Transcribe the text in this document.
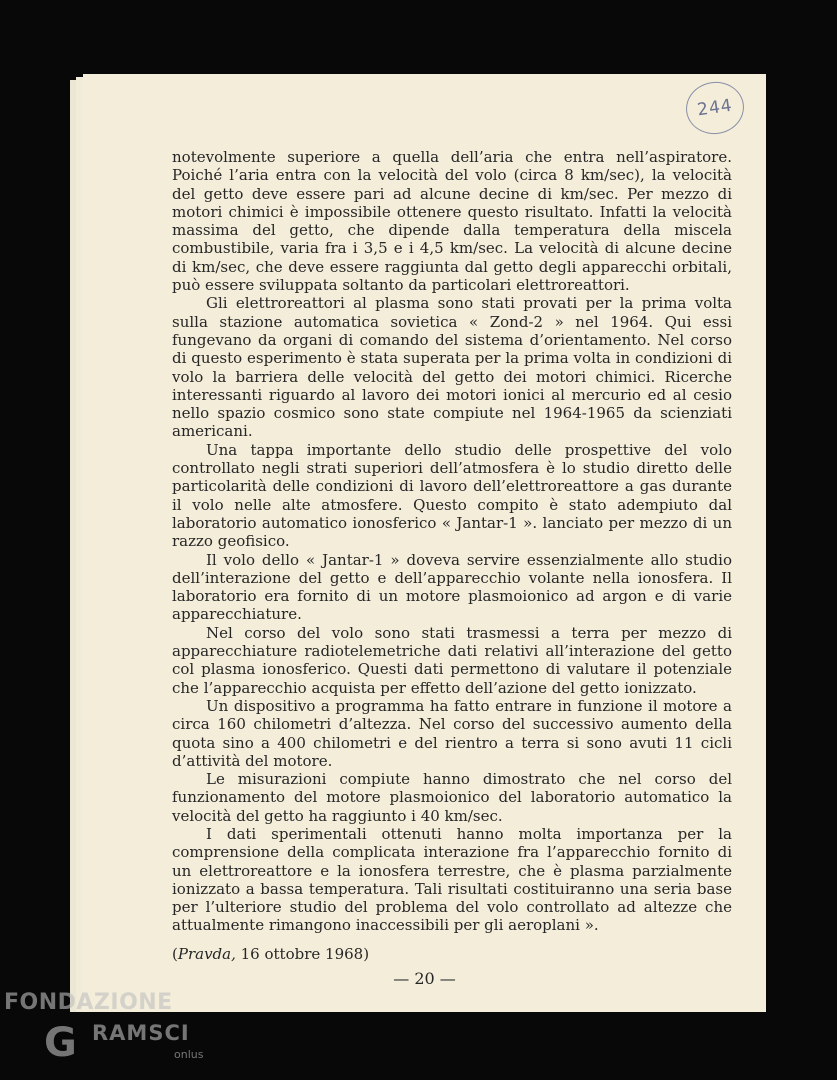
244

notevolmente superiore a quella dell’aria che entra nell’aspiratore. Poiché l’aria entra con la velocità del volo (circa 8 km/sec), la velocità del getto deve essere pari ad alcune decine di km/sec. Per mezzo di motori chimici è impossibile ottenere questo risultato. Infatti la velocità massima del getto, che dipende dalla temperatura della miscela combustibile, varia fra i 3,5 e i 4,5 km/sec. La velocità di alcune decine di km/sec, che deve essere raggiunta dal getto degli apparecchi orbitali, può essere sviluppata soltanto da particolari elettroreattori.

Gli elettroreattori al plasma sono stati provati per la prima volta sulla stazione automatica sovietica « Zond-2 » nel 1964. Qui essi fungevano da organi di comando del sistema d’orientamento. Nel corso di questo esperimento è stata superata per la prima volta in condizioni di volo la barriera delle velocità del getto dei motori chimici. Ricerche interessanti riguardo al lavoro dei motori ionici al mercurio ed al cesio nello spazio cosmico sono state compiute nel 1964-1965 da scienziati americani.

Una tappa importante dello studio delle prospettive del volo controllato negli strati superiori dell’atmosfera è lo studio diretto delle particolarità delle condizioni di lavoro dell’elettroreattore a gas durante il volo nelle alte atmosfere. Questo compito è stato adempiuto dal laboratorio automatico ionosferico « Jantar-1 ». lanciato per mezzo di un razzo geofisico.

Il volo dello « Jantar-1 » doveva servire essenzialmente allo studio dell’interazione del getto e dell’apparecchio volante nella ionosfera. Il laboratorio era fornito di un motore plasmoionico ad argon e di varie apparecchiature.

Nel corso del volo sono stati trasmessi a terra per mezzo di apparecchiature radiotelemetriche dati relativi all’interazione del getto col plasma ionosferico. Questi dati permettono di valutare il potenziale che l’apparecchio acquista per effetto dell’azione del getto ionizzato.

Un dispositivo a programma ha fatto entrare in funzione il motore a circa 160 chilometri d’altezza. Nel corso del successivo aumento della quota sino a 400 chilometri e del rientro a terra si sono avuti 11 cicli d’attività del motore.

Le misurazioni compiute hanno dimostrato che nel corso del funzionamento del motore plasmoionico del laboratorio automatico la velocità del getto ha raggiunto i 40 km/sec.

I dati sperimentali ottenuti hanno molta importanza per la comprensione della complicata interazione fra l’apparecchio fornito di un elettroreattore e la ionosfera terrestre, che è plasma parzialmente ionizzato a bassa temperatura. Tali risultati costituiranno una seria base per l’ulteriore studio del problema del volo controllato ad altezze che attualmente rimangono inaccessibili per gli aeroplani ».

(Pravda, 16 ottobre 1968)

— 20 —
FONDAZIONE
G RAMSCI
onlus
